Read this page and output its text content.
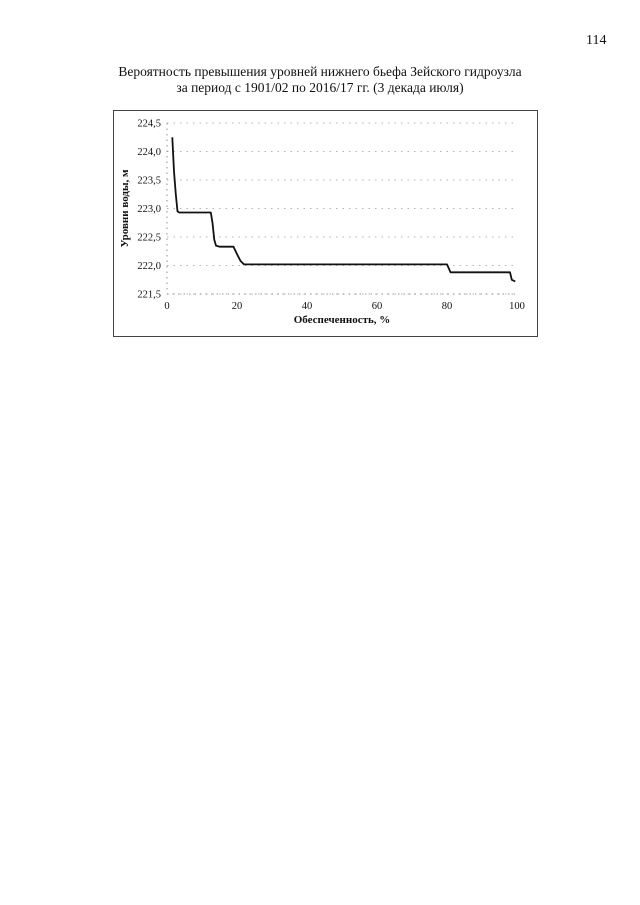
114
Вероятность превышения уровней нижнего бьефа Зейского гидроузла
за период с 1901/02 по 2016/17 гг. (3 декада июля)
224,5
224,0
223,5
223,0
222,5
222,0
221,5
0	20	40	60	80	100
Обеспеченность, %
Уровни воды, м
